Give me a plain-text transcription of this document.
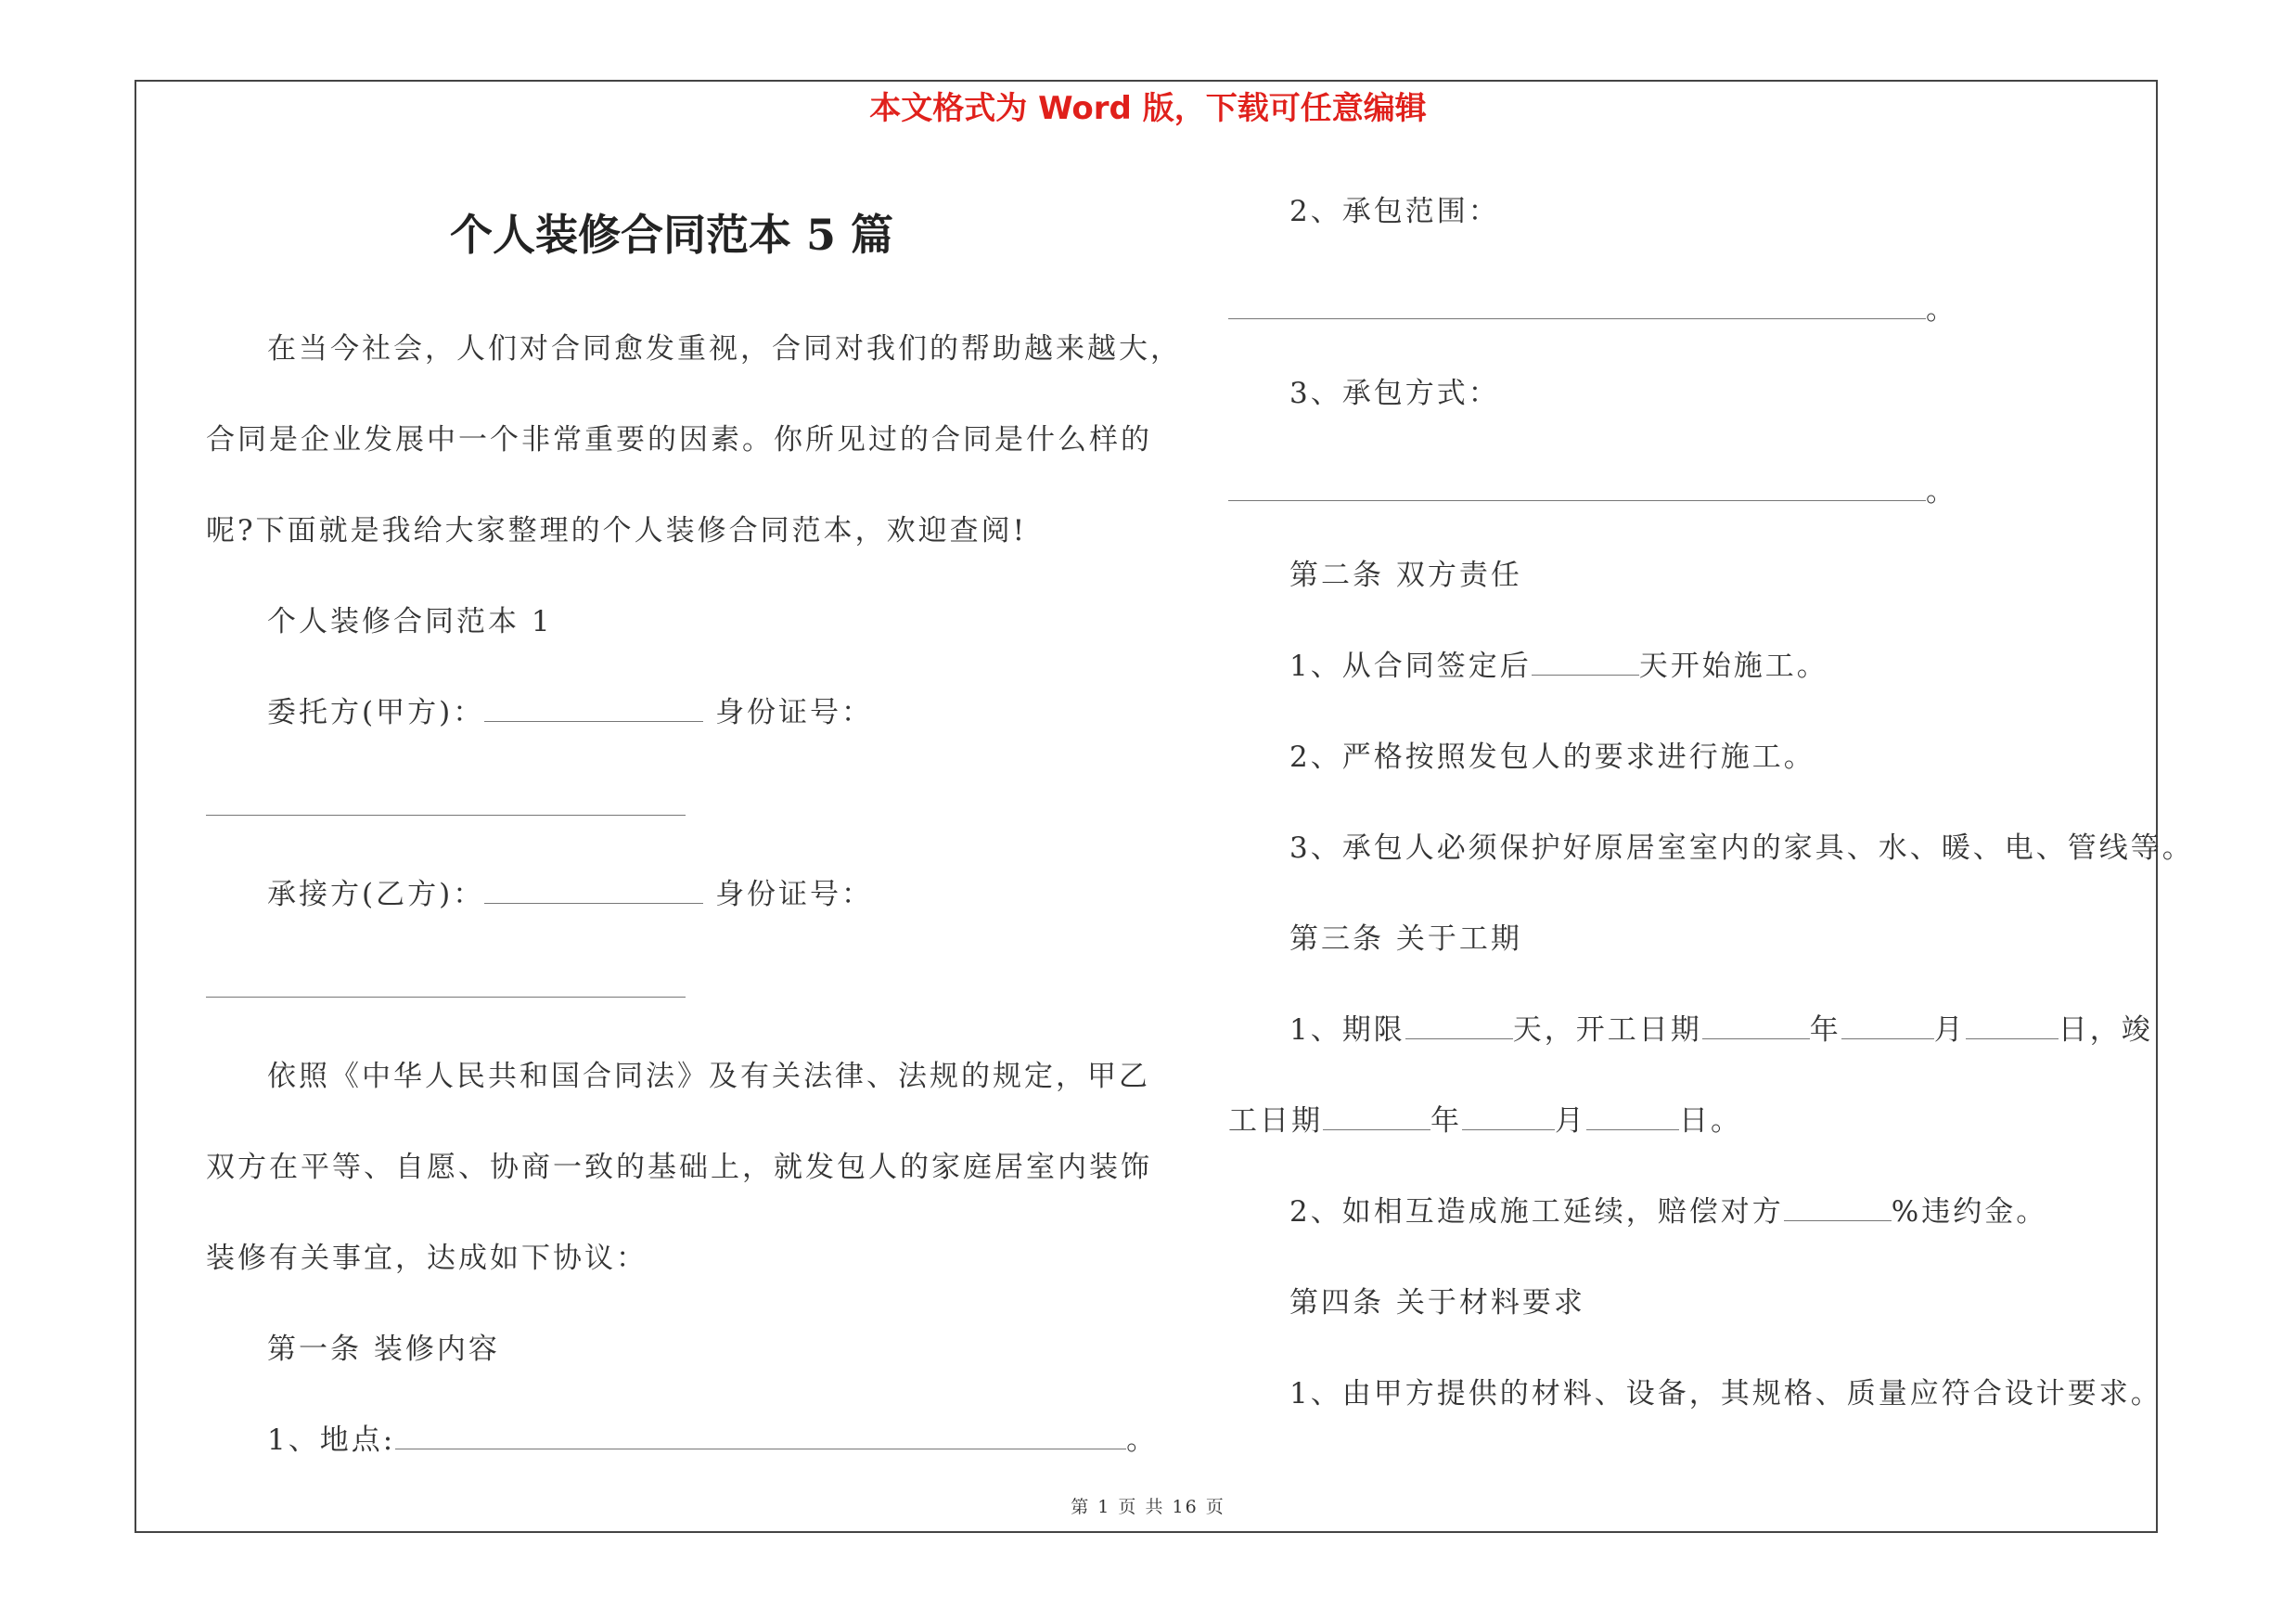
本文格式为 Word 版，下载可任意编辑
个人装修合同范本 5 篇
在当今社会，人们对合同愈发重视，合同对我们的帮助越来越大，
合同是企业发展中一个非常重要的因素。你所见过的合同是什么样的
呢?下面就是我给大家整理的个人装修合同范本，欢迎查阅!
个人装修合同范本 1
委托方(甲方)：	身份证号：
承接方(乙方)：	身份证号：
依照《中华人民共和国合同法》及有关法律、法规的规定，甲乙
双方在平等、自愿、协商一致的基础上，就发包人的家庭居室内装饰
装修有关事宜，达成如下协议：
第一条 装修内容
1、地点:	。
2、承包范围：
。
3、承包方式：
。
第二条 双方责任
1、从合同签定后	天开始施工。
2、严格按照发包人的要求进行施工。
3、承包人必须保护好原居室室内的家具、水、暖、电、管线等。
第三条 关于工期
1、期限	天，开工日期	年	月	日，竣
工日期	年	月	日。
2、如相互造成施工延续，赔偿对方	%违约金。
第四条 关于材料要求
1、由甲方提供的材料、设备，其规格、质量应符合设计要求。
第 1 页 共 16 页
